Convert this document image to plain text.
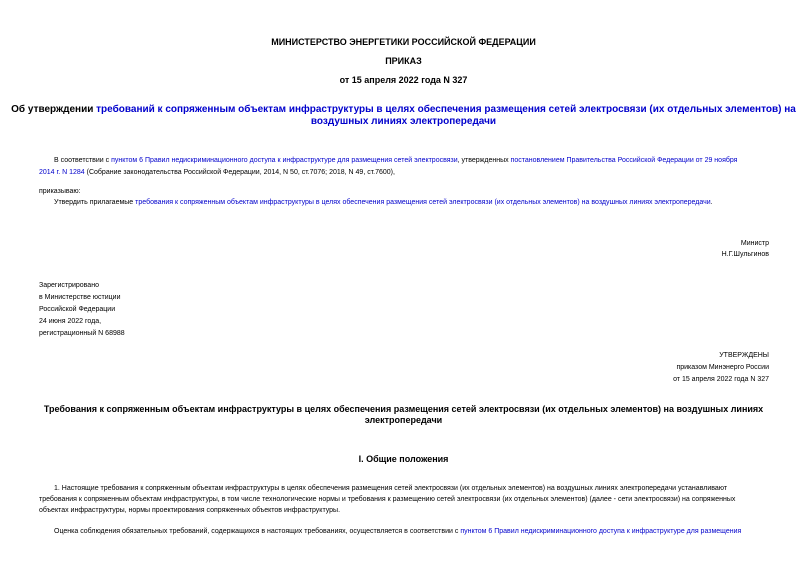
МИНИСТЕРСТВО ЭНЕРГЕТИКИ РОССИЙСКОЙ ФЕДЕРАЦИИ
ПРИКАЗ
от 15 апреля 2022 года N 327
Об утверждении требований к сопряженным объектам инфраструктуры в целях обеспечения размещения сетей электросвязи (их отдельных элементов) на
воздушных линиях электропередачи
В соответствии с пунктом 6 Правил недискриминационного доступа к инфраструктуре для размещения сетей электросвязи, утвержденных постановлением Правительства Российской Федерации от 29 ноября
2014 г. N 1284 (Собрание законодательства Российской Федерации, 2014, N 50, ст.7076; 2018, N 49, ст.7600),
приказываю:
Утвердить прилагаемые требования к сопряженным объектам инфраструктуры в целях обеспечения размещения сетей электросвязи (их отдельных элементов) на воздушных линиях электропередачи.
Министр
Н.Г.Шульгинов
Зарегистрировано
в Министерстве юстиции
Российской Федерации
24 июня 2022 года,
регистрационный N 68988
УТВЕРЖДЕНЫ
приказом Минэнерго России
от 15 апреля 2022 года N 327
Требования к сопряженным объектам инфраструктуры в целях обеспечения размещения сетей электросвязи (их отдельных элементов) на воздушных линиях
электропередачи
I. Общие положения
1. Настоящие требования к сопряженным объектам инфраструктуры в целях обеспечения размещения сетей электросвязи (их отдельных элементов) на воздушных линиях электропередачи устанавливают
требования к сопряженным объектам инфраструктуры, в том числе технологические нормы и требования к размещению сетей электросвязи (их отдельных элементов) (далее - сети электросвязи) на сопряженных
объектах инфраструктуры, нормы проектирования сопряженных объектов инфраструктуры.
Оценка соблюдения обязательных требований, содержащихся в настоящих требованиях, осуществляется в соответствии с пунктом 6 Правил недискриминационного доступа к инфраструктуре для размещения
